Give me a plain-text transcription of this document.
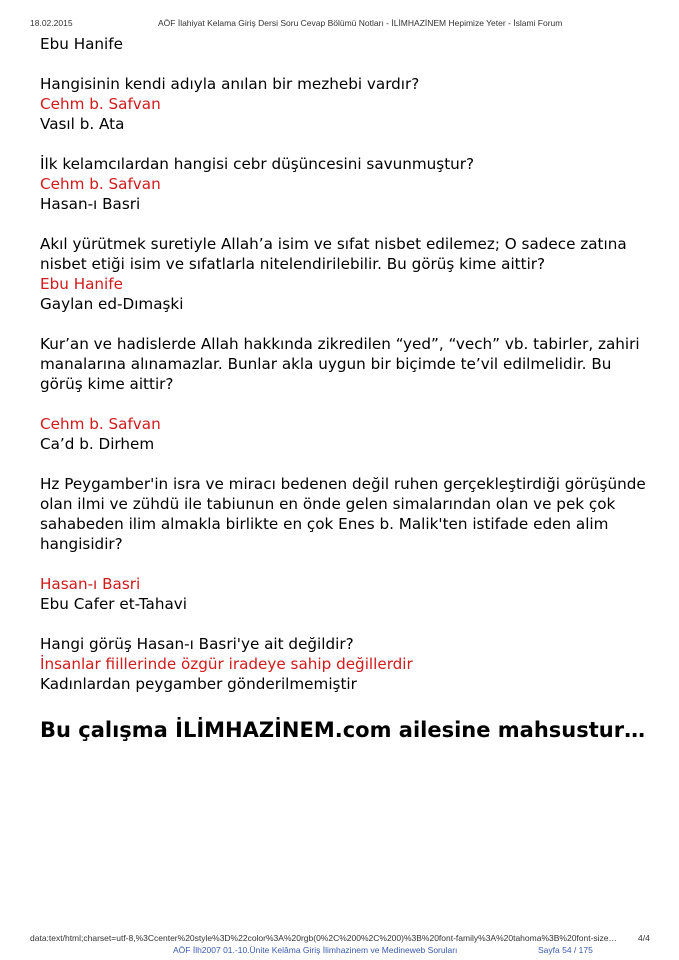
18.02.2015	AÖF İlahiyat Kelama Giriş Dersi Soru Cevap Bölümü Notları - İLİMHAZİNEM Hepimize Yeter - İslami Forum
Ebu Hanife
Hangisinin kendi adıyla anılan bir mezhebi vardır?
Cehm b. Safvan
Vasıl b. Ata
İlk kelamcılardan hangisi cebr düşüncesini savunmuştur?
Cehm b. Safvan
Hasan-ı Basri
Akıl yürütmek suretiyle Allah’a isim ve sıfat nisbet edilemez; O sadece zatına nisbet etiği isim ve sıfatlarla nitelendirilebilir. Bu görüş kime aittir?
Ebu Hanife
Gaylan ed-Dımaşki
Kur’an ve hadislerde Allah hakkında zikredilen “yed”, “vech” vb. tabirler, zahiri manalarına alınamazlar. Bunlar akla uygun bir biçimde te’vil edilmelidir. Bu görüş kime aittir?
Cehm b. Safvan
Ca’d b. Dirhem
Hz Peygamber'in isra ve miracı bedenen değil ruhen gerçekleştirdiği görüşünde olan ilmi ve zühdü ile tabiunun en önde gelen simalarından olan ve pek çok sahabeden ilim almakla birlikte en çok Enes b. Malik'ten istifade eden alim hangisidir?
Hasan-ı Basri
Ebu Cafer et-Tahavi
Hangi görüş Hasan-ı Basri'ye ait değildir?
İnsanlar fiillerinde özgür iradeye sahip değillerdir
Kadınlardan peygamber gönderilmemiştir
Bu çalışma İLİMHAZİNEM.com ailesine mahsustur…
data:text/html;charset=utf-8,%3Ccenter%20style%3D%22color%3A%20rgb(0%2C%200%2C%200)%3B%20font-family%3A%20tahoma%3B%20font-size… 4/4
AÖF İlh2007 01.-10.Ünite Kelâma Giriş İlimhazinem ve Medineweb Soruları	Sayfa 54 / 175
